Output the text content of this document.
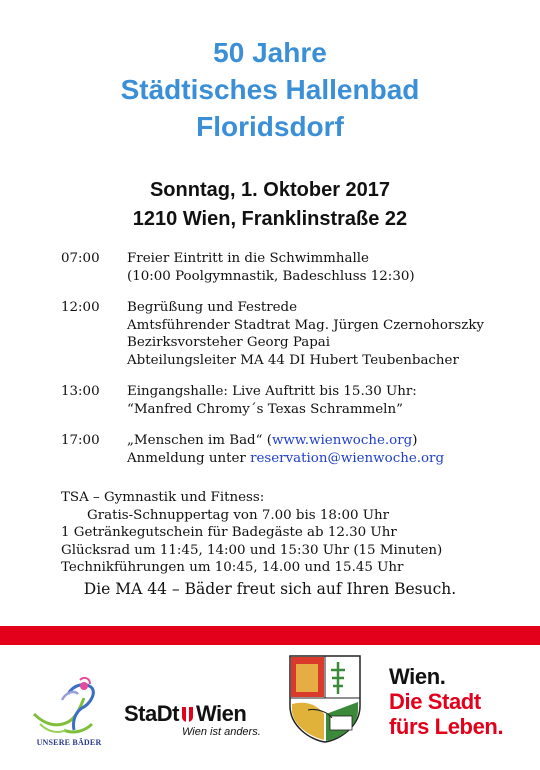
50 Jahre
Städtisches Hallenbad
Floridsdorf
Sonntag, 1. Oktober 2017
1210 Wien, Franklinstraße 22
07:00	Freier Eintritt in die Schwimmhalle
(10:00 Poolgymnastik, Badeschluss 12:30)
12:00	Begrüßung und Festrede
Amtsführender Stadtrat Mag. Jürgen Czernohorszky
Bezirksvorsteher Georg Papai
Abteilungsleiter MA 44 DI Hubert Teubenbacher
13:00	Eingangshalle: Live Auftritt bis 15.30 Uhr:
“Manfred Chromy´s Texas Schrammeln”
17:00	„Menschen im Bad“ (www.wienwoche.org)
Anmeldung unter reservation@wienwoche.org
TSA – Gymnastik und Fitness:
Gratis-Schnuppertag von 7.00 bis 18:00 Uhr
1 Getränkegutschein für Badegäste ab 12.30 Uhr
Glücksrad um 11:45, 14:00 und 15:30 Uhr (15 Minuten)
Technikführungen um 10:45, 14.00 und 15.45 Uhr
Die MA 44 – Bäder freut sich auf Ihren Besuch.
UNSERE BÄDER
StaDt Wien
Wien ist anders.
Wien.
Die Stadt
fürs Leben.
